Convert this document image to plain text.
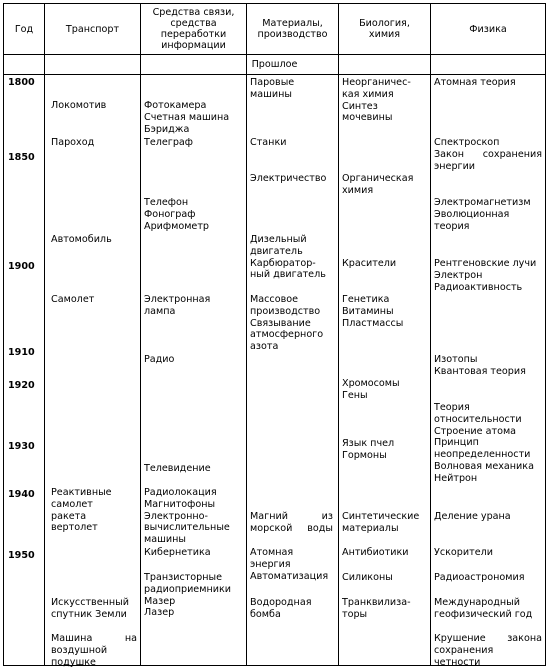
Год	Транспорт
Средства связи,
средства
переработки
информации
Материалы,
производство
Биология,
химия	Физика
Прошлое
1800
1850
1900
1910
1920
1930
1940
1950
Локомотив
Пароход
Автомобиль
Самолет
Реактивные
самолет
ракета
вертолет
Искусственный
спутник Земли
Машина на
воздушной
подушке
Фотокамера
Счетная машина
Бэриджа
Телеграф
Телефон
Фонограф
Арифмометр
Электронная
лампа
Радио
Телевидение
Радиолокация
Магнитофоны
Электронно-
вычислительные
машины
Кибернетика
Транзисторные
радиоприемники
Мазер
Лазер
Паровые
машины
Станки
Электричество
Дизельный
двигатель
Карбюратор-
ный двигатель
Массовое
производство
Связывание
атмосферного
азота
Магний из
морской воды
Атомная
энергия
Автоматизация
Водородная
бомба
Неорганичес-
кая химия
Синтез
мочевины
Органическая
химия
Красители
Генетика
Витамины
Пластмассы
Хромосомы
Гены
Язык пчел
Гормоны
Синтетические
материалы
Антибиотики
Силиконы
Транквилиза-
торы
Атомная теория
Спектроскоп
Закон сохранения
энергии
Электромагнетизм
Эволюционная
теория
Рентгеновские лучи
Электрон
Радиоактивность
Изотопы
Квантовая теория
Теория
относительности
Строение атома
Принцип
неопределенности
Волновая механика
Нейтрон
Деление урана
Ускорители
Радиоастрономия
Международный
геофизический год
Крушение закона
сохранения
четности
